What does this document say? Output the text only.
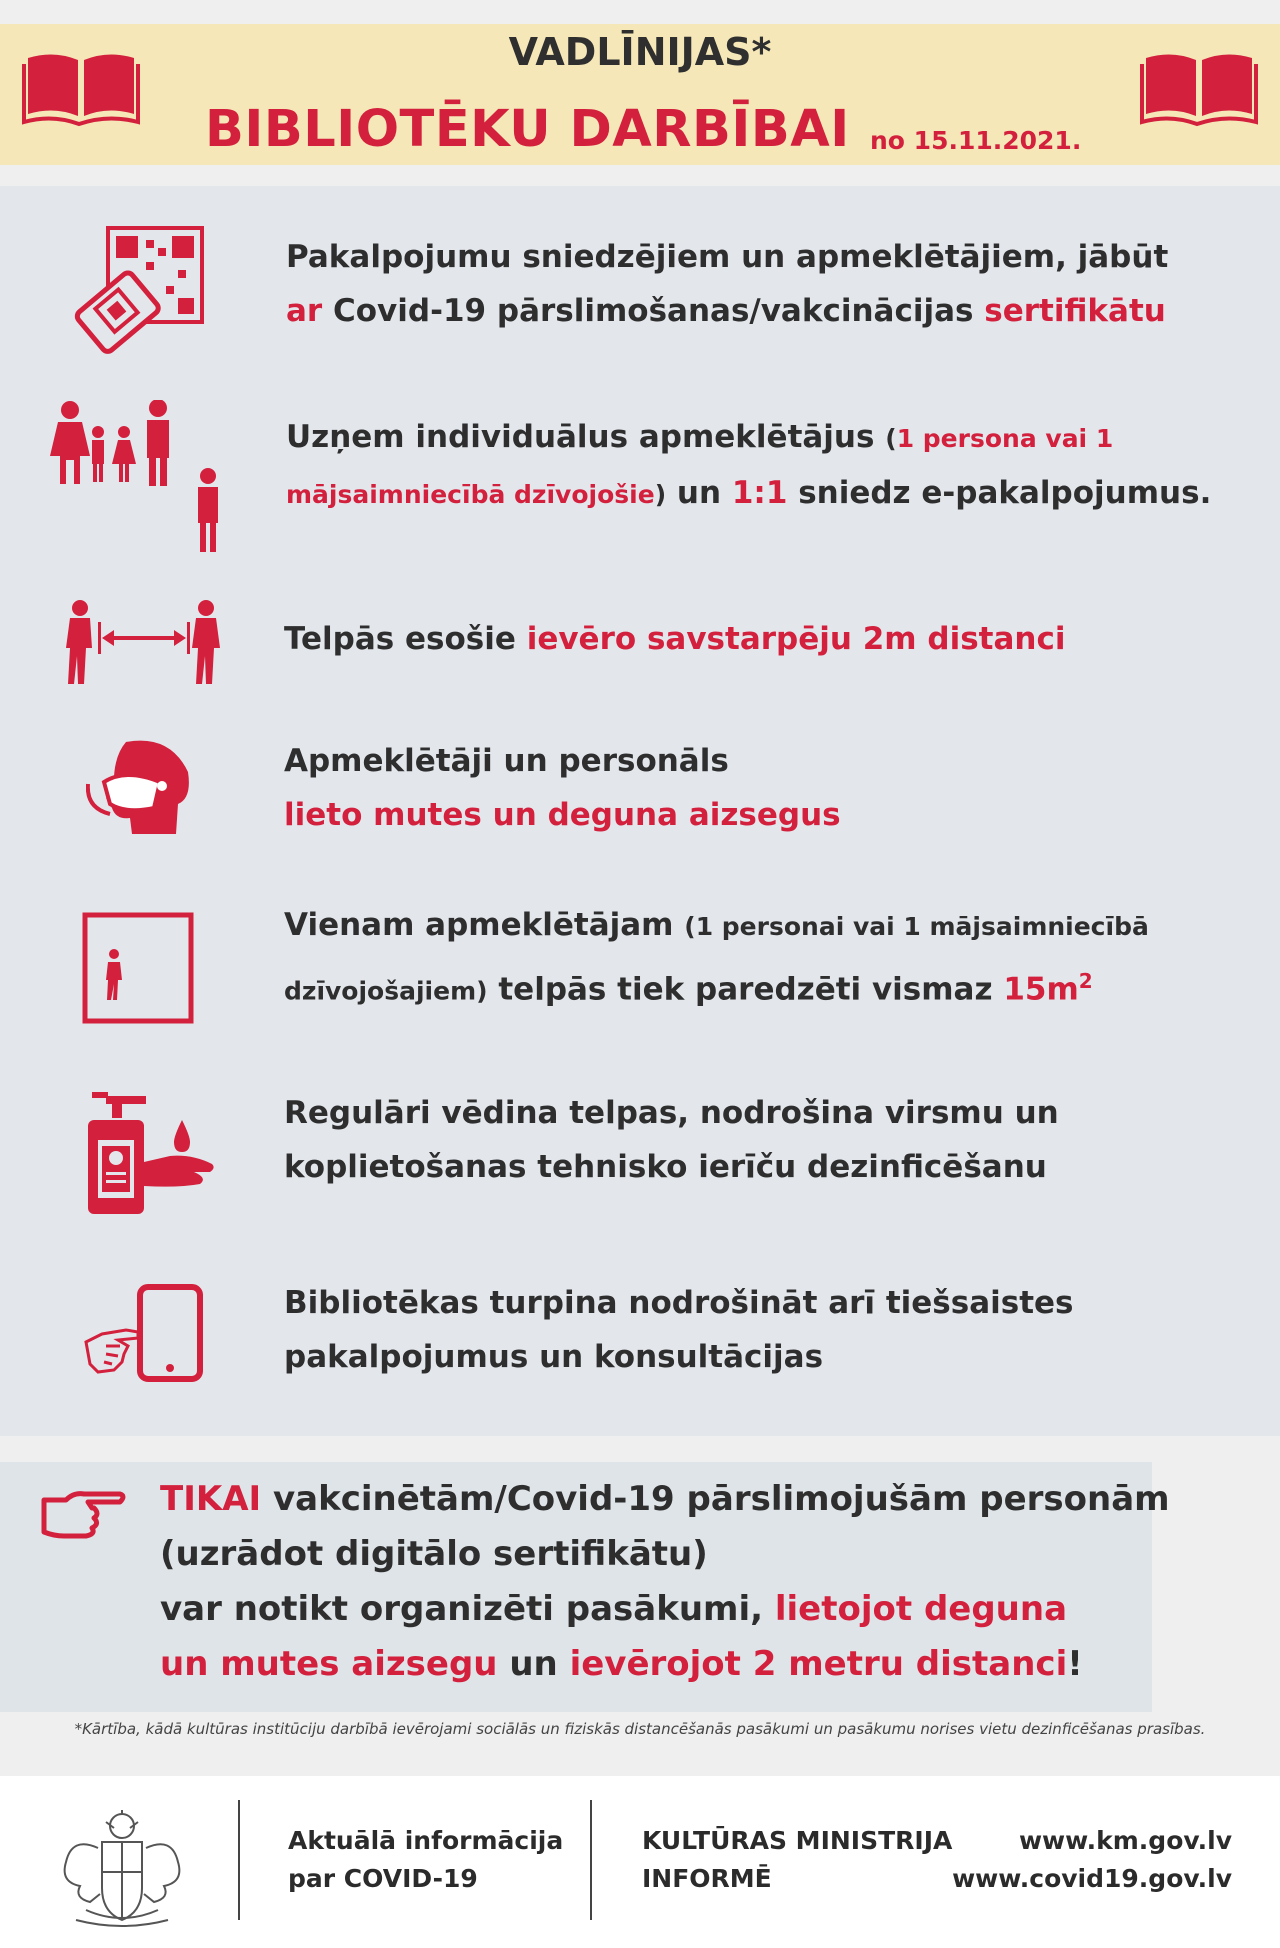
VADLĪNIJAS*
BIBLIOTĒKU DARBĪBAI no 15.11.2021.
Pakalpojumu sniedzējiem un apmeklētājiem, jābūt
ar Covid-19 pārslimošanas/vakcinācijas sertifikātu
Uzņem individuālus apmeklētājus (1 persona vai 1
mājsaimniecībā dzīvojošie) un 1:1 sniedz e-pakalpojumus.
Telpās esošie ievēro savstarpēju 2m distanci
Apmeklētāji un personāls
lieto mutes un deguna aizsegus
Vienam apmeklētājam (1 personai vai 1 mājsaimniecībā
dzīvojošajiem) telpās tiek paredzēti vismaz $15m^2$
Regulāri vēdina telpas, nodrošina virsmu un
koplietošanas tehnisko ierīču dezinficēšanu
Bibliotēkas turpina nodrošināt arī tiešsaistes
pakalpojumus un konsultācijas
TIKAI vakcinētām/Covid-19 pārslimojušām personām
(uzrādot digitālo sertifikātu)
var notikt organizēti pasākumi, lietojot deguna
un mutes aizsegu un ievērojot 2 metru distanci!
*Kārtība, kādā kultūras institūciju darbībā ievērojami sociālās un fiziskās distancēšanās pasākumi un pasākumu norises vietu dezinficēšanas prasības.
Aktuālā informācija
par COVID-19
KULTŪRAS MINISTRIJA
INFORMĒ
www.km.gov.lv
www.covid19.gov.lv
